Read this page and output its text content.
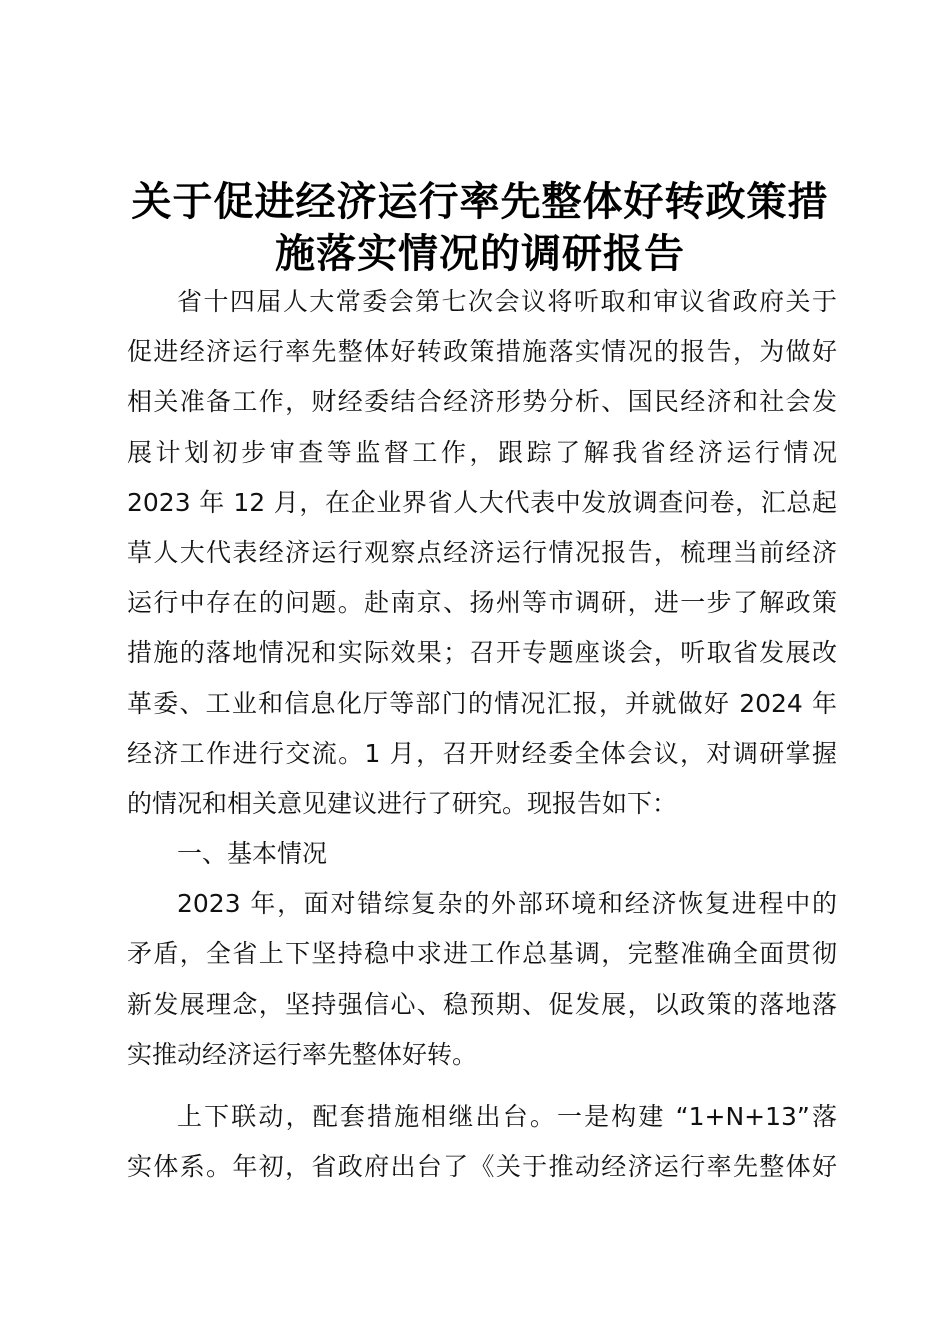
关于促进经济运行率先整体好转政策措
施落实情况的调研报告
省十四届人大常委会第七次会议将听取和审议省政府关于
促进经济运行率先整体好转政策措施落实情况的报告，为做好
相关准备工作，财经委结合经济形势分析、国民经济和社会发
展计划初步审查等监督工作，跟踪了解我省经济运行情况
2023 年 12 月，在企业界省人大代表中发放调查问卷，汇总起
草人大代表经济运行观察点经济运行情况报告，梳理当前经济
运行中存在的问题。赴南京、扬州等市调研，进一步了解政策
措施的落地情况和实际效果；召开专题座谈会，听取省发展改
革委、工业和信息化厅等部门的情况汇报，并就做好 2024 年
经济工作进行交流。1 月，召开财经委全体会议，对调研掌握
的情况和相关意见建议进行了研究。现报告如下：
一、基本情况
2023 年，面对错综复杂的外部环境和经济恢复进程中的
矛盾，全省上下坚持稳中求进工作总基调，完整准确全面贯彻
新发展理念，坚持强信心、稳预期、促发展，以政策的落地落
实推动经济运行率先整体好转。
上下联动，配套措施相继出台。一是构建 “1+N+13”落
实体系。年初，省政府出台了《关于推动经济运行率先整体好
